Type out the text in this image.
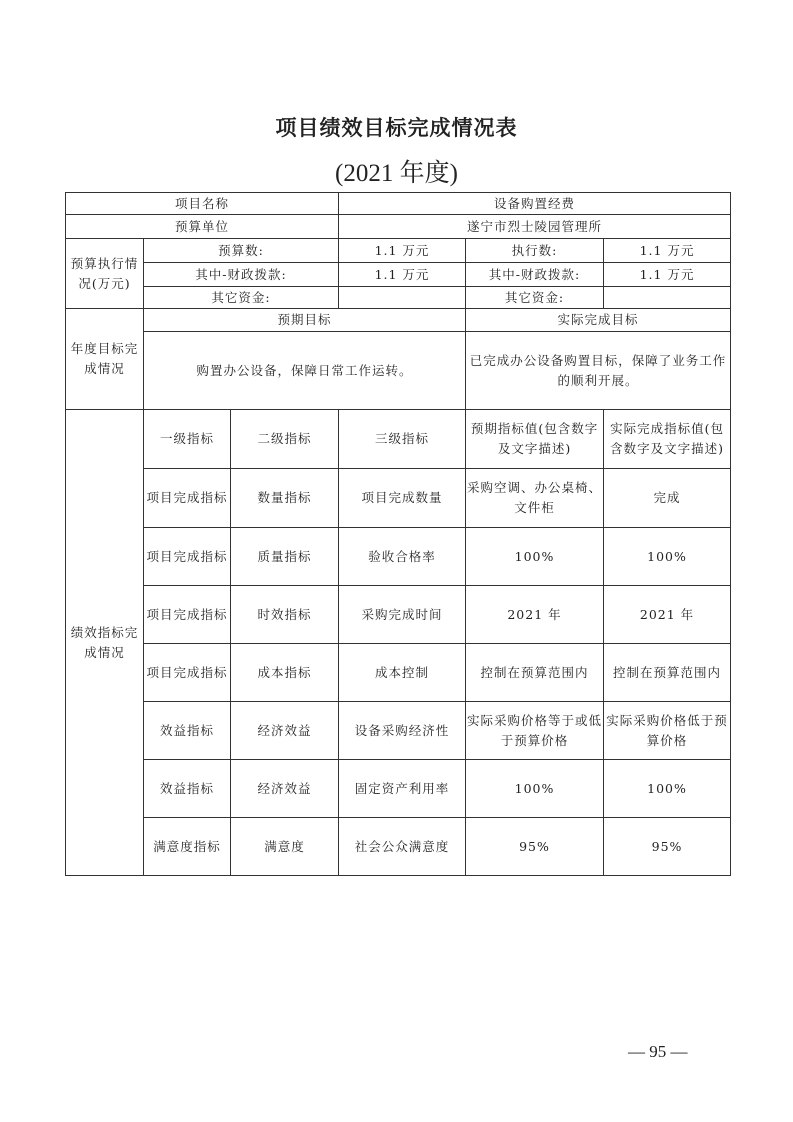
项目绩效目标完成情况表
(2021 年度)
项目名称			设备购置经费		
预算单位			遂宁市烈士陵园管理所		
预算执行情况(万元)	预算数:		1.1 万元	执行数:	1.1 万元
	其中-财政拨款:		1.1 万元	其中-财政拨款:	1.1 万元
	其它资金:			其它资金:	
年度目标完成情况	预期目标			实际完成目标	
	购置办公设备，保障日常工作运转。			已完成办公设备购置目标，保障了业务工作的顺利开展。	
绩效指标完成情况	一级指标	二级指标	三级指标	预期指标值(包含数字及文字描述)	实际完成指标值(包含数字及文字描述)
	项目完成指标	数量指标	项目完成数量	采购空调、办公桌椅、文件柜	完成
	项目完成指标	质量指标	验收合格率	100%	100%
	项目完成指标	时效指标	采购完成时间	2021 年	2021 年
	项目完成指标	成本指标	成本控制	控制在预算范围内	控制在预算范围内
	效益指标	经济效益	设备采购经济性	实际采购价格等于或低于预算价格	实际采购价格低于预算价格
	效益指标	经济效益	固定资产利用率	100%	100%
	满意度指标	满意度	社会公众满意度	95%	95%
— 95 —
